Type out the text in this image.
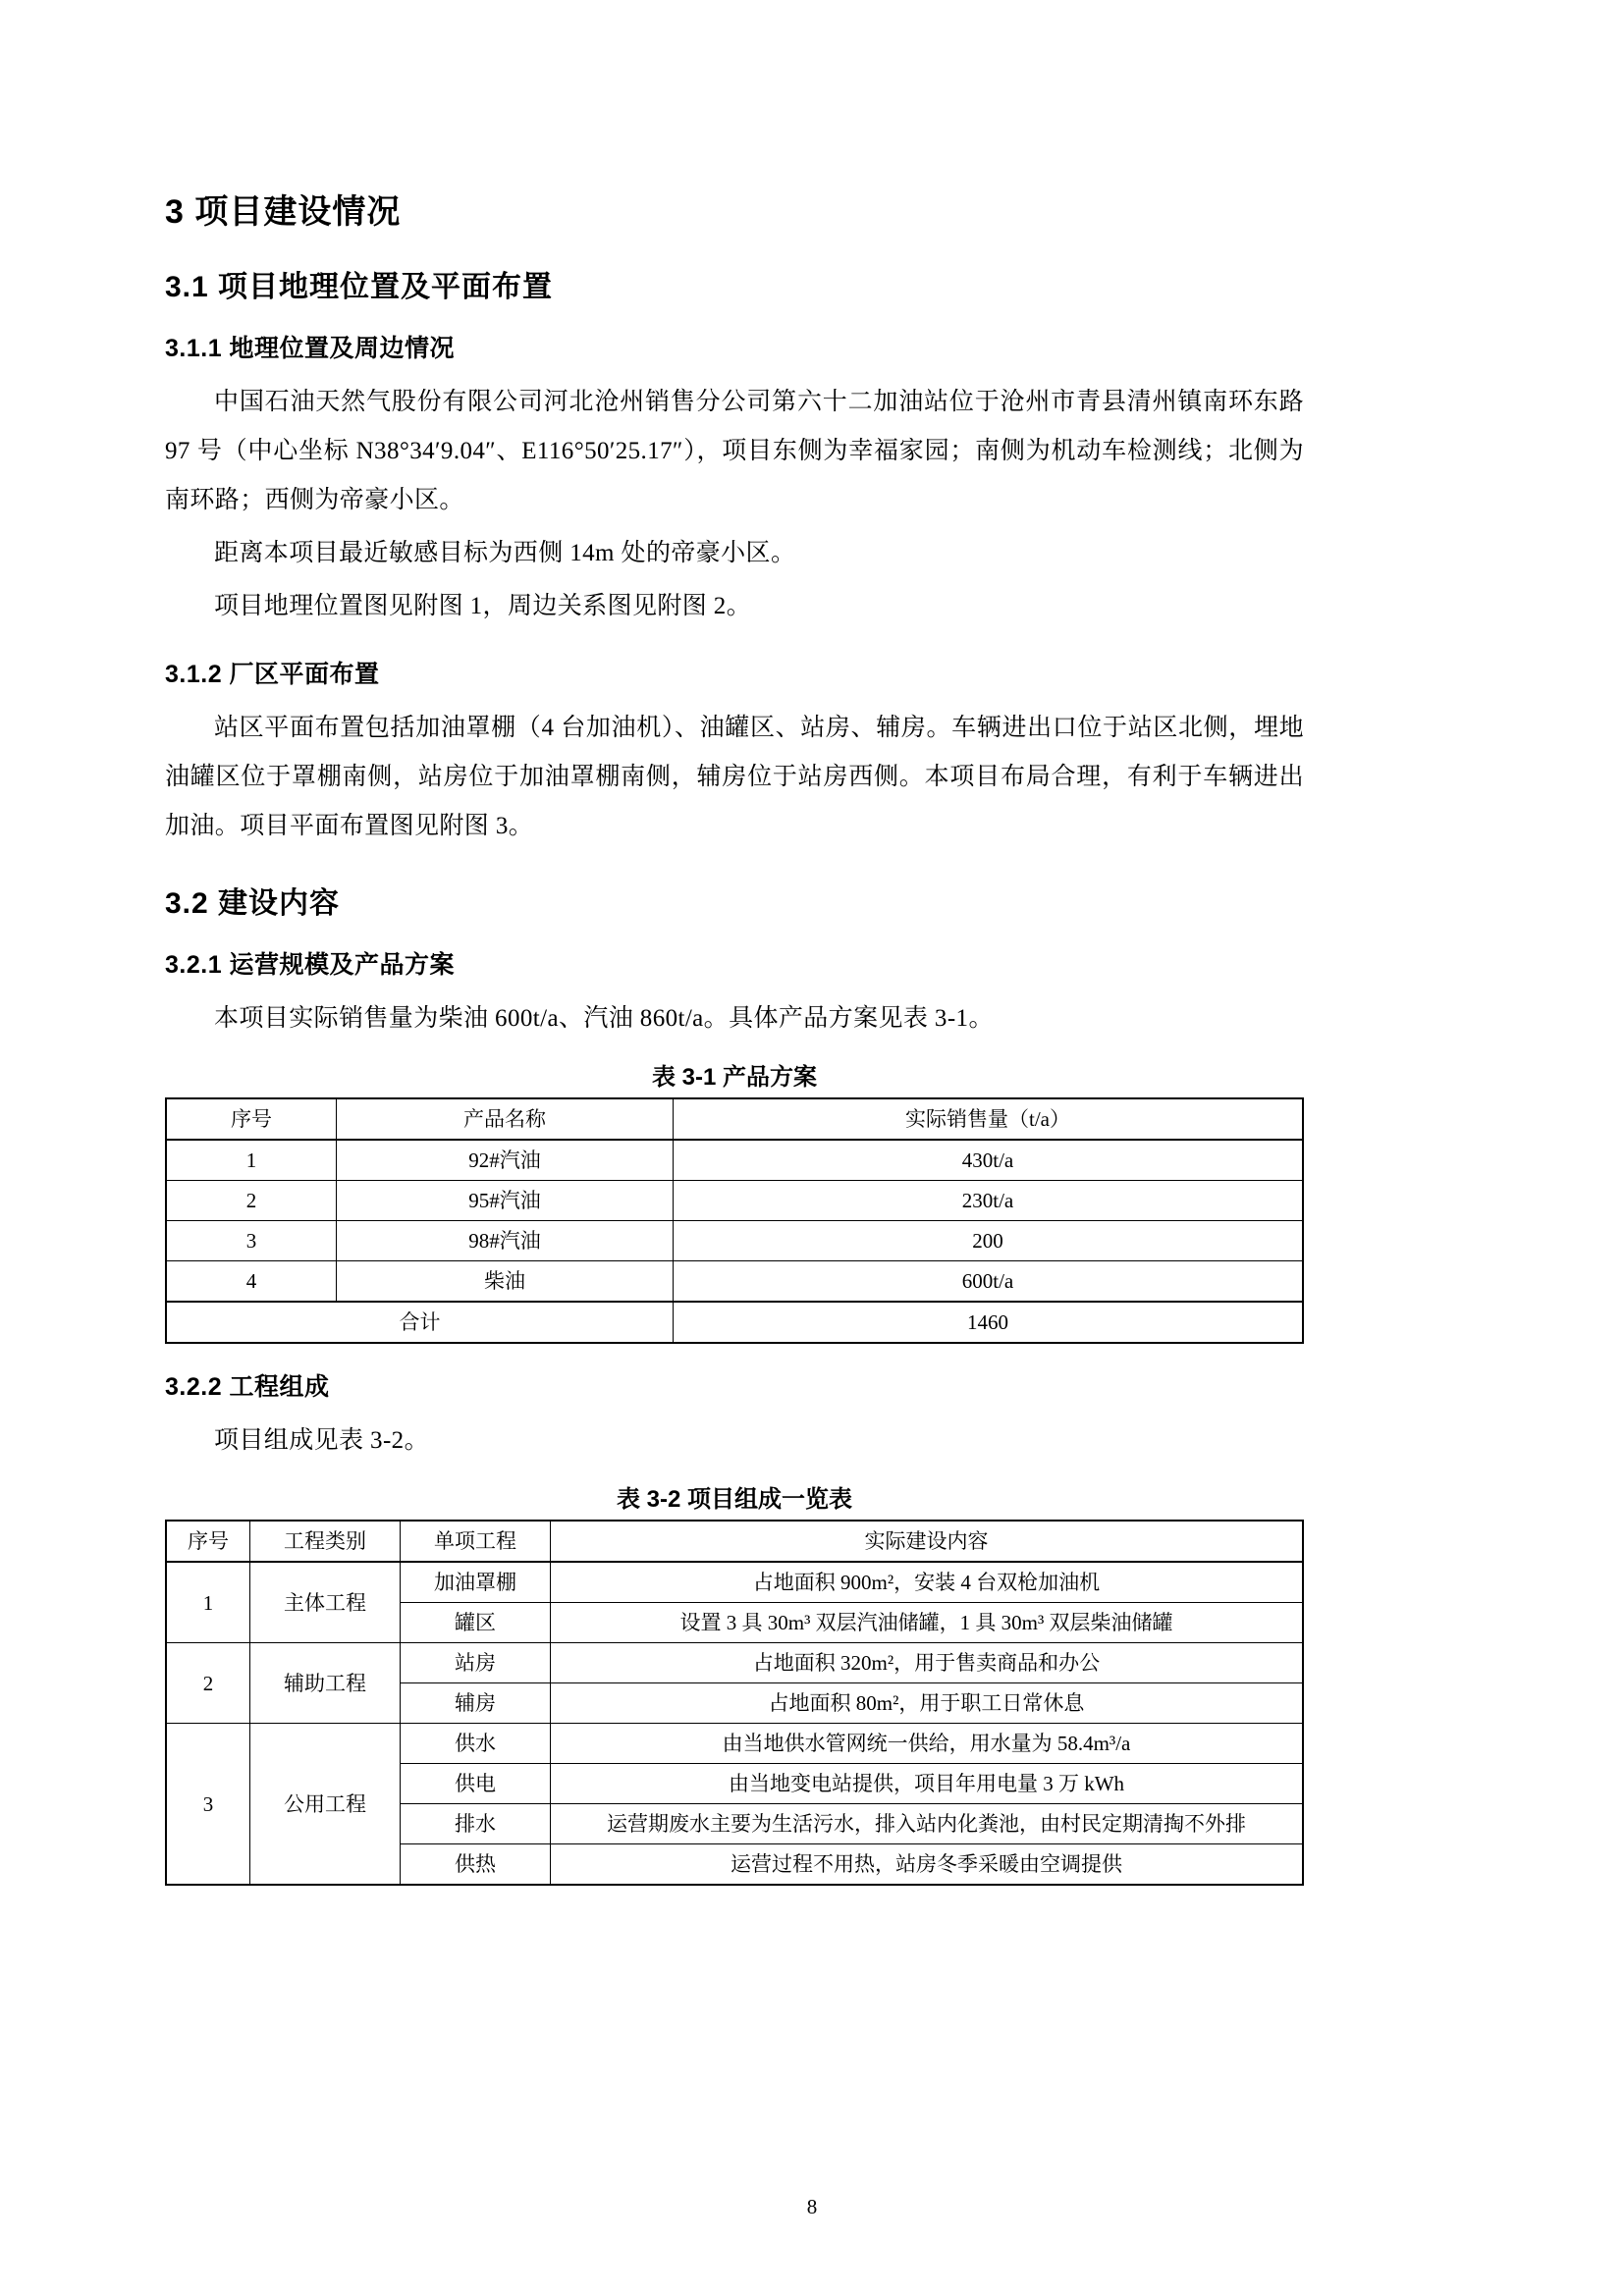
3 项目建设情况
3.1 项目地理位置及平面布置
3.1.1 地理位置及周边情况

中国石油天然气股份有限公司河北沧州销售分公司第六十二加油站位于沧州市青县清州镇南环东路 97 号（中心坐标 N38°34′9.04″、E116°50′25.17″），项目东侧为幸福家园；南侧为机动车检测线；北侧为南环路；西侧为帝豪小区。

距离本项目最近敏感目标为西侧 14m 处的帝豪小区。

项目地理位置图见附图 1，周边关系图见附图 2。

3.1.2 厂区平面布置

站区平面布置包括加油罩棚（4 台加油机）、油罐区、站房、辅房。车辆进出口位于站区北侧，埋地油罐区位于罩棚南侧，站房位于加油罩棚南侧，辅房位于站房西侧。本项目布局合理，有利于车辆进出加油。项目平面布置图见附图 3。

3.2 建设内容
3.2.1 运营规模及产品方案

本项目实际销售量为柴油 600t/a、汽油 860t/a。具体产品方案见表 3-1。

表 3-1 产品方案
序号	产品名称	实际销售量（t/a）
1	92#汽油	430t/a
2	95#汽油	230t/a
3	98#汽油	200
4	柴油	600t/a
合计		1460
3.2.2 工程组成

项目组成见表 3-2。

表 3-2 项目组成一览表
序号	工程类别	单项工程	实际建设内容
1	主体工程	加油罩棚	占地面积 900m²，安装 4 台双枪加油机
		罐区	设置 3 具 30m³ 双层汽油储罐，1 具 30m³ 双层柴油储罐
2	辅助工程	站房	占地面积 320m²，用于售卖商品和办公
		辅房	占地面积 80m²，用于职工日常休息
3	公用工程	供水	由当地供水管网统一供给，用水量为 58.4m³/a
		供电	由当地变电站提供，项目年用电量 3 万 kWh
		排水	运营期废水主要为生活污水，排入站内化粪池，由村民定期清掏不外排
		供热	运营过程不用热，站房冬季采暖由空调提供
8
